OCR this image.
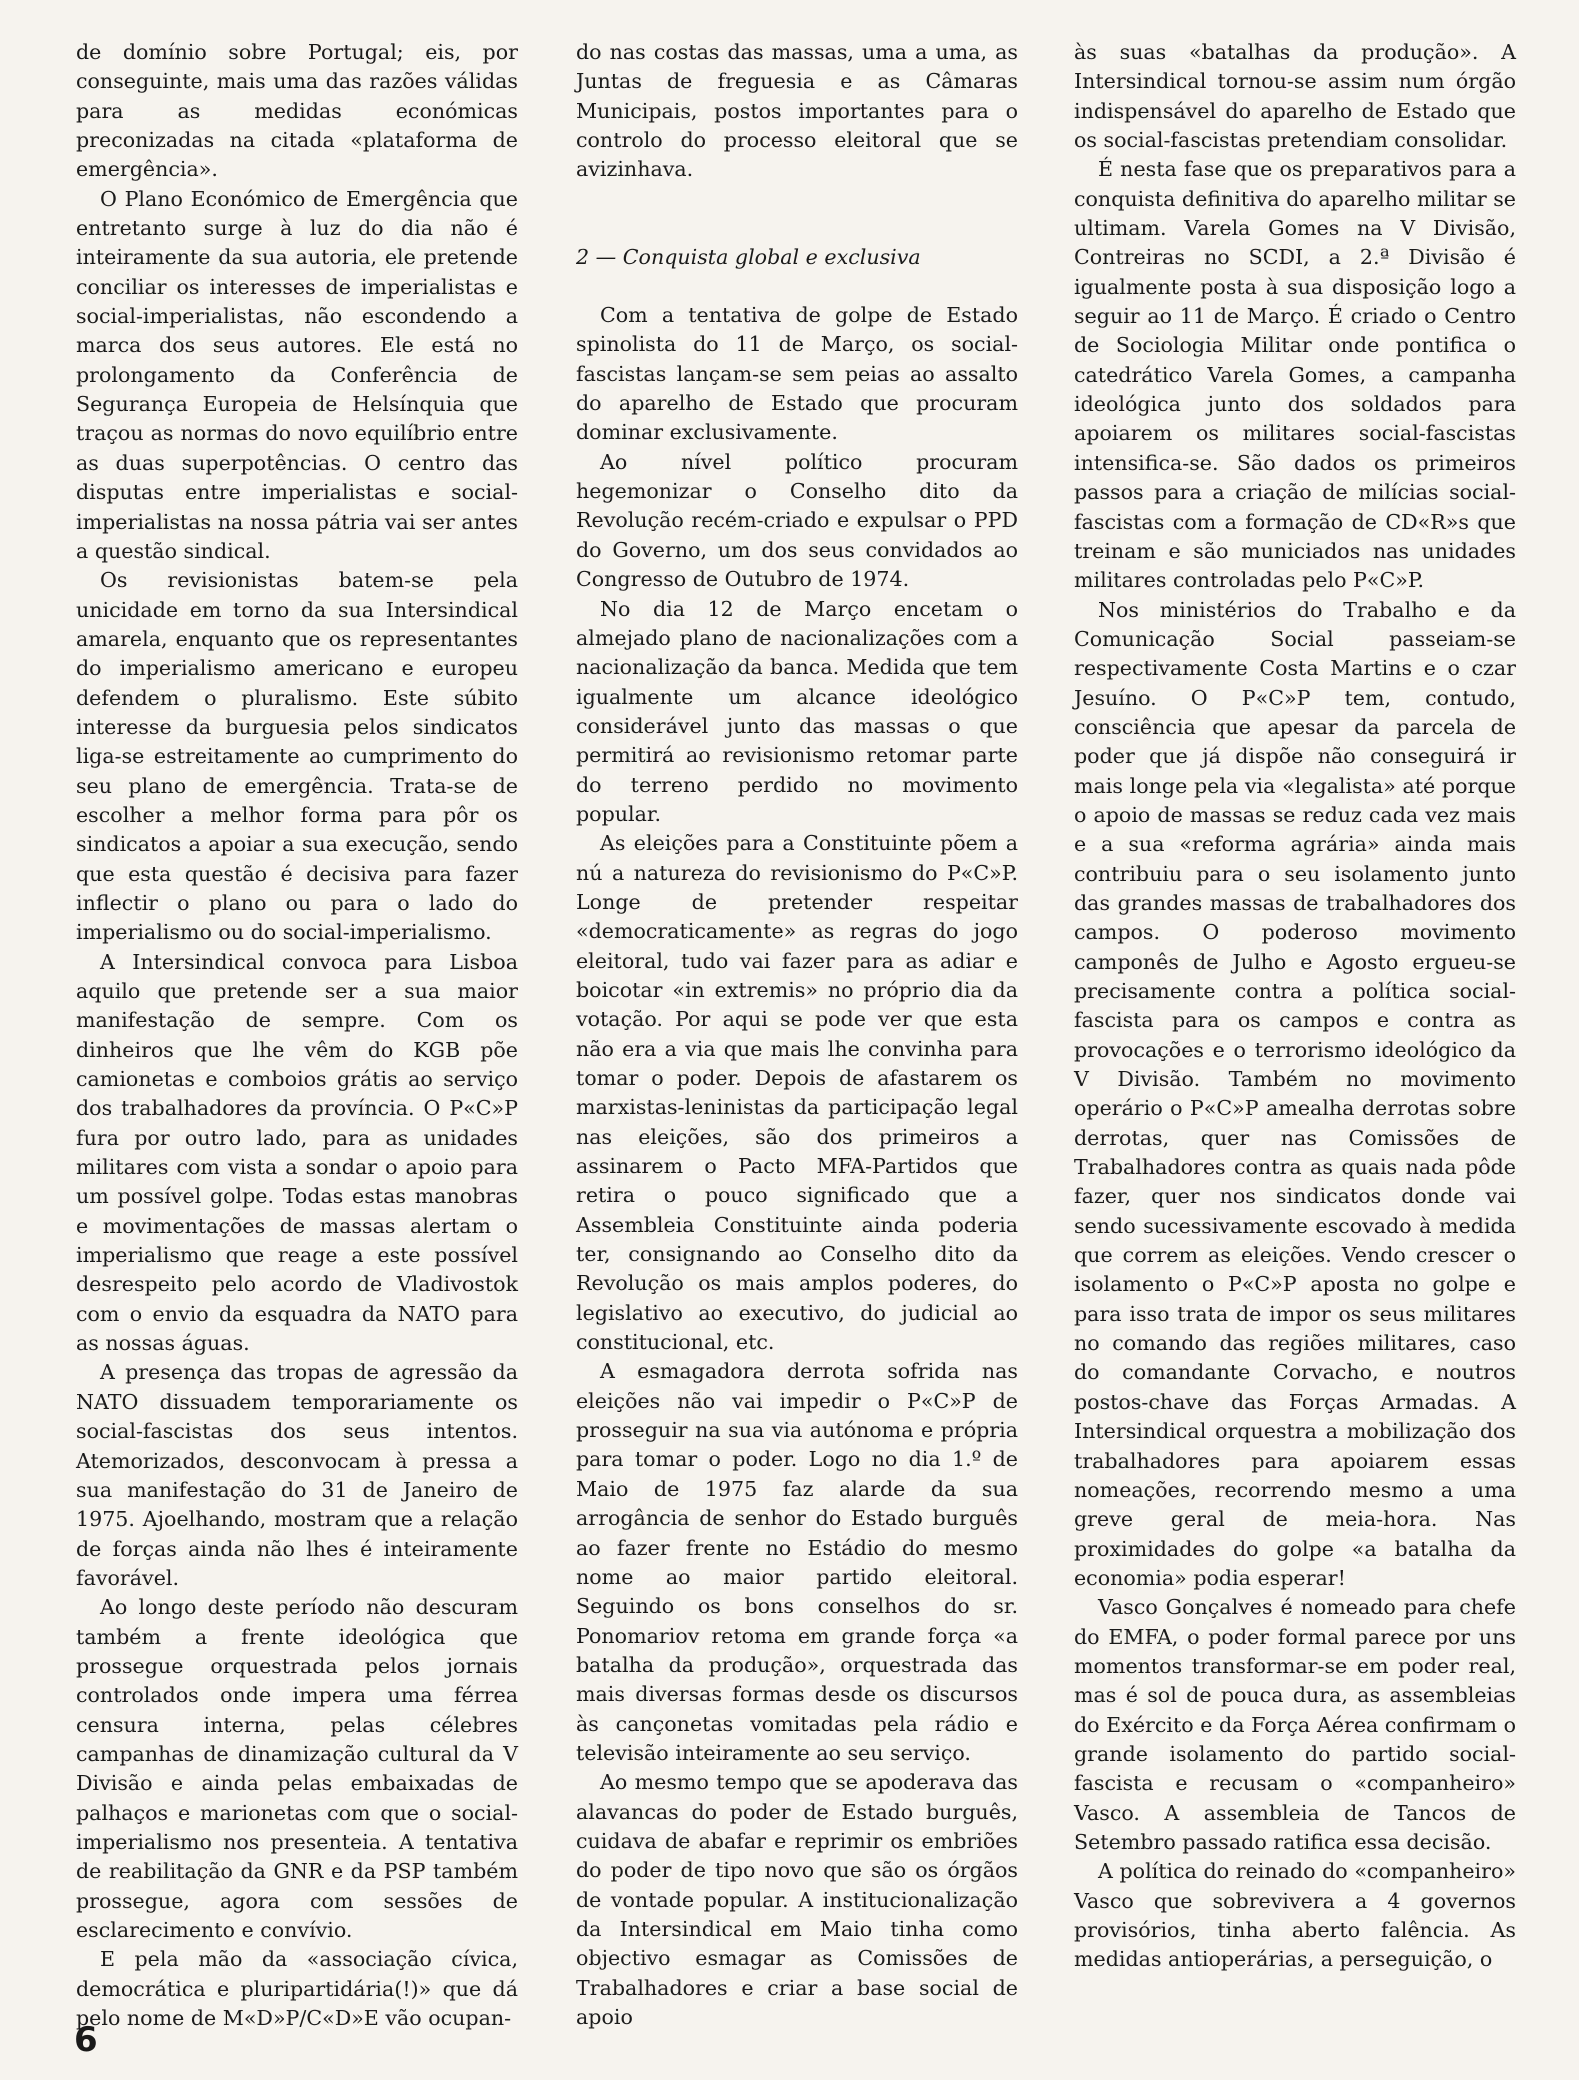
de domínio sobre Portugal; eis, por conseguinte, mais uma das razões válidas para as medidas económicas preconizadas na citada «plataforma de emergência».

O Plano Económico de Emergência que entretanto surge à luz do dia não é inteiramente da sua autoria, ele pretende conciliar os interesses de imperialistas e social-imperialistas, não escondendo a marca dos seus autores. Ele está no prolongamento da Conferência de Segurança Europeia de Helsínquia que traçou as normas do novo equilíbrio entre as duas superpotências. O centro das disputas entre imperialistas e social-imperialistas na nossa pátria vai ser antes a questão sindical.

Os revisionistas batem-se pela unicidade em torno da sua Intersindical amarela, enquanto que os representantes do imperialismo americano e europeu defendem o pluralismo. Este súbito interesse da burguesia pelos sindicatos liga-se estreitamente ao cumprimento do seu plano de emergência. Trata-se de escolher a melhor forma para pôr os sindicatos a apoiar a sua execução, sendo que esta questão é decisiva para fazer inflectir o plano ou para o lado do imperialismo ou do social-imperialismo.

A Intersindical convoca para Lisboa aquilo que pretende ser a sua maior manifestação de sempre. Com os dinheiros que lhe vêm do KGB põe camionetas e comboios grátis ao serviço dos trabalhadores da província. O P«C»P fura por outro lado, para as unidades militares com vista a sondar o apoio para um possível golpe. Todas estas manobras e movimentações de massas alertam o imperialismo que reage a este possível desrespeito pelo acordo de Vladivostok com o envio da esquadra da NATO para as nossas águas.

A presença das tropas de agressão da NATO dissuadem temporariamente os social-fascistas dos seus intentos. Atemorizados, desconvocam à pressa a sua manifestação do 31 de Janeiro de 1975. Ajoelhando, mostram que a relação de forças ainda não lhes é inteiramente favorável.

Ao longo deste período não descuram também a frente ideológica que prossegue orquestrada pelos jornais controlados onde impera uma férrea censura interna, pelas célebres campanhas de dinamização cultural da V Divisão e ainda pelas embaixadas de palhaços e marionetas com que o social-imperialismo nos presenteia. A tentativa de reabilitação da GNR e da PSP também prossegue, agora com sessões de esclarecimento e convívio.

E pela mão da «associação cívica, democrática e pluripartidária(!)» que dá pelo nome de M«D»P/C«D»E vão ocupan-

do nas costas das massas, uma a uma, as Juntas de freguesia e as Câmaras Municipais, postos importantes para o controlo do processo eleitoral que se avizinhava.

2 — Conquista global e exclusiva

Com a tentativa de golpe de Estado spinolista do 11 de Março, os social-fascistas lançam-se sem peias ao assalto do aparelho de Estado que procuram dominar exclusivamente.

Ao nível político procuram hegemonizar o Conselho dito da Revolução recém-criado e expulsar o PPD do Governo, um dos seus convidados ao Congresso de Outubro de 1974.

No dia 12 de Março encetam o almejado plano de nacionalizações com a nacionalização da banca. Medida que tem igualmente um alcance ideológico considerável junto das massas o que permitirá ao revisionismo retomar parte do terreno perdido no movimento popular.

As eleições para a Constituinte põem a nú a natureza do revisionismo do P«C»P. Longe de pretender respeitar «democraticamente» as regras do jogo eleitoral, tudo vai fazer para as adiar e boicotar «in extremis» no próprio dia da votação. Por aqui se pode ver que esta não era a via que mais lhe convinha para tomar o poder. Depois de afastarem os marxistas-leninistas da participação legal nas eleições, são dos primeiros a assinarem o Pacto MFA-Partidos que retira o pouco significado que a Assembleia Constituinte ainda poderia ter, consignando ao Conselho dito da Revolução os mais amplos poderes, do legislativo ao executivo, do judicial ao constitucional, etc.

A esmagadora derrota sofrida nas eleições não vai impedir o P«C»P de prosseguir na sua via autónoma e própria para tomar o poder. Logo no dia 1.º de Maio de 1975 faz alarde da sua arrogância de senhor do Estado burguês ao fazer frente no Estádio do mesmo nome ao maior partido eleitoral. Seguindo os bons conselhos do sr. Ponomariov retoma em grande força «a batalha da produção», orquestrada das mais diversas formas desde os discursos às cançonetas vomitadas pela rádio e televisão inteiramente ao seu serviço.

Ao mesmo tempo que se apoderava das alavancas do poder de Estado burguês, cuidava de abafar e reprimir os embriões do poder de tipo novo que são os órgãos de vontade popular. A institucionalização da Intersindical em Maio tinha como objectivo esmagar as Comissões de Trabalhadores e criar a base social de apoio

às suas «batalhas da produção». A Intersindical tornou-se assim num órgão indispensável do aparelho de Estado que os social-fascistas pretendiam consolidar.

É nesta fase que os preparativos para a conquista definitiva do aparelho militar se ultimam. Varela Gomes na V Divisão, Contreiras no SCDI, a 2.ª Divisão é igualmente posta à sua disposição logo a seguir ao 11 de Março. É criado o Centro de Sociologia Militar onde pontifica o catedrático Varela Gomes, a campanha ideológica junto dos soldados para apoiarem os militares social-fascistas intensifica-se. São dados os primeiros passos para a criação de milícias social-fascistas com a formação de CD«R»s que treinam e são municiados nas unidades militares controladas pelo P«C»P.

Nos ministérios do Trabalho e da Comunicação Social passeiam-se respectivamente Costa Martins e o czar Jesuíno. O P«C»P tem, contudo, consciência que apesar da parcela de poder que já dispõe não conseguirá ir mais longe pela via «legalista» até porque o apoio de massas se reduz cada vez mais e a sua «reforma agrária» ainda mais contribuiu para o seu isolamento junto das grandes massas de trabalhadores dos campos. O poderoso movimento camponês de Julho e Agosto ergueu-se precisamente contra a política social-fascista para os campos e contra as provocações e o terrorismo ideológico da V Divisão. Também no movimento operário o P«C»P amealha derrotas sobre derrotas, quer nas Comissões de Trabalhadores contra as quais nada pôde fazer, quer nos sindicatos donde vai sendo sucessivamente escovado à medida que correm as eleições. Vendo crescer o isolamento o P«C»P aposta no golpe e para isso trata de impor os seus militares no comando das regiões militares, caso do comandante Corvacho, e noutros postos-chave das Forças Armadas. A Intersindical orquestra a mobilização dos trabalhadores para apoiarem essas nomeações, recorrendo mesmo a uma greve geral de meia-hora. Nas proximidades do golpe «a batalha da economia» podia esperar!

Vasco Gonçalves é nomeado para chefe do EMFA, o poder formal parece por uns momentos transformar-se em poder real, mas é sol de pouca dura, as assembleias do Exército e da Força Aérea confirmam o grande isolamento do partido social-fascista e recusam o «companheiro» Vasco. A assembleia de Tancos de Setembro passado ratifica essa decisão.

A política do reinado do «companheiro» Vasco que sobrevivera a 4 governos provisórios, tinha aberto falência. As medidas antioperárias, a perseguição, o

6
